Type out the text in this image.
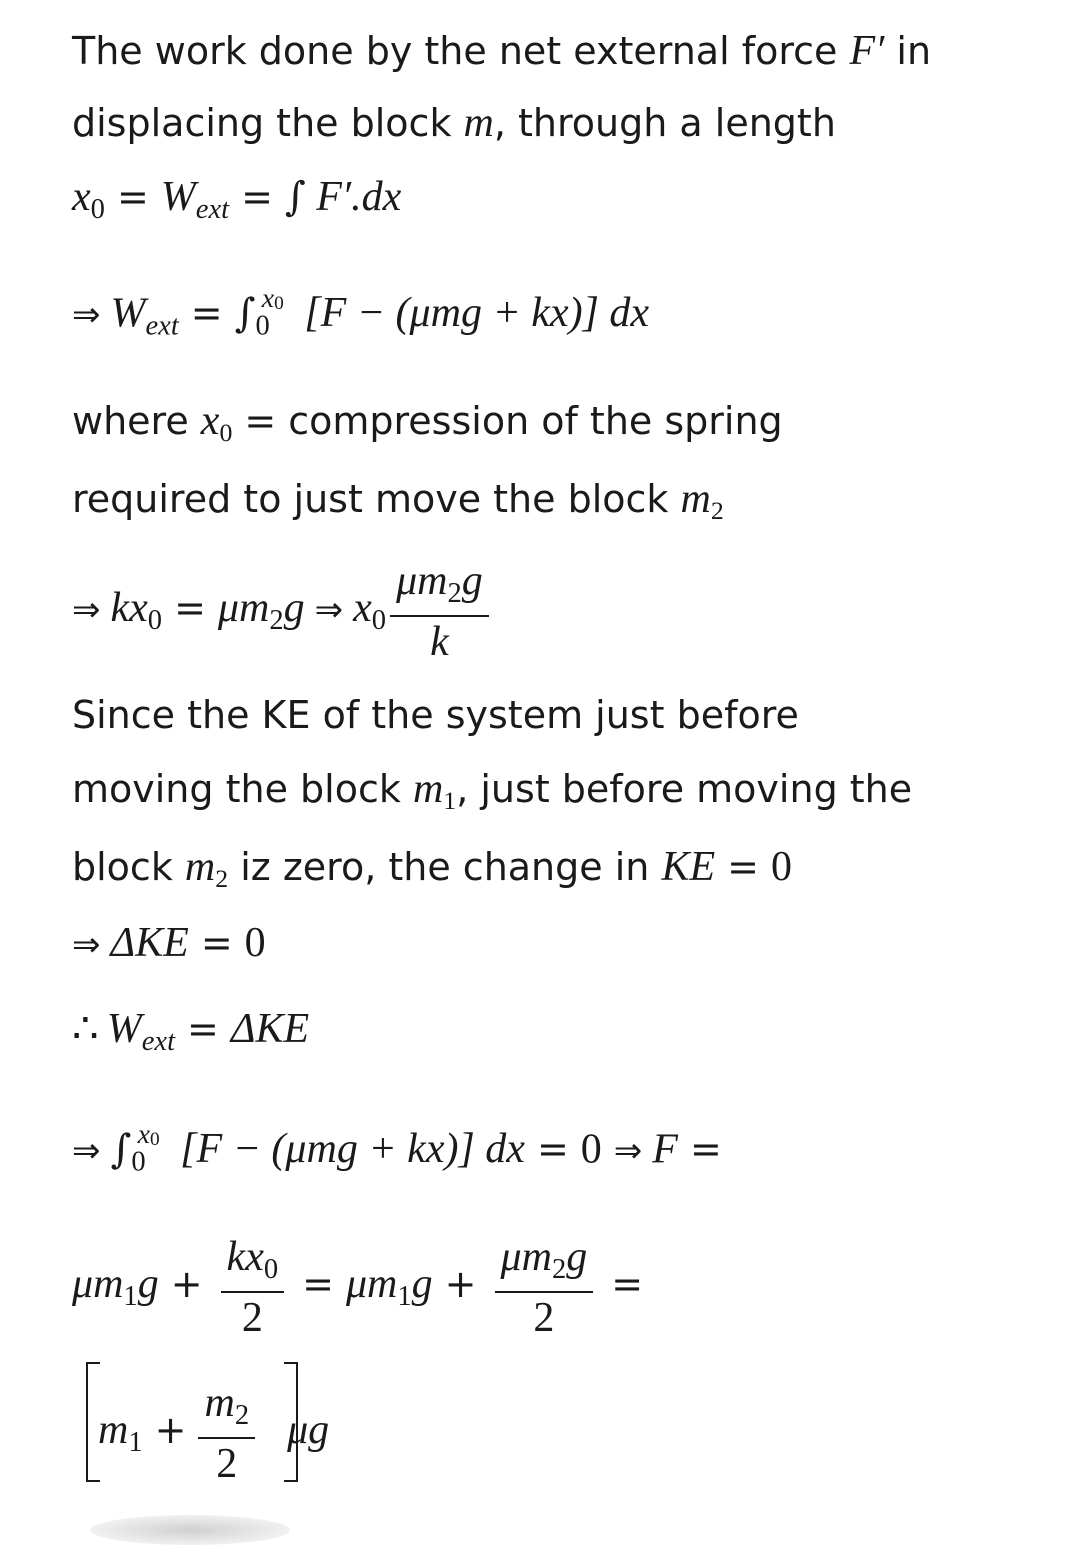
The work done by the net external force F′ in
displacing the block m, through a length
$x_0$ = Wext = ∫ F′.dx
⇒ Wext = $\int_0^{x0}$ [F − (μmg + kx)] dx
where $x_0$ = compression of the spring
required to just move the block $m_2$
⇒ $kx_0 = \mu m_2g$ ⇒ $x_0 \frac{\mu m_2g}{k}$
Since the KE of the system just before
moving the block $m_1$, just before moving the
block $m_2$ iz zero, the change in KE = 0
⇒ ΔKE = 0
∴ Wext = ΔKE
⇒ $\int_0^{x0}$ [F − (μmg + kx)] dx = 0 ⇒ F =
$\mu m_1g + \frac{kx_0}{2} = \mu m_1g + \frac{\mu m_2g}{2}$ =
$m_1 + \frac{m_2}{2}$ μg
